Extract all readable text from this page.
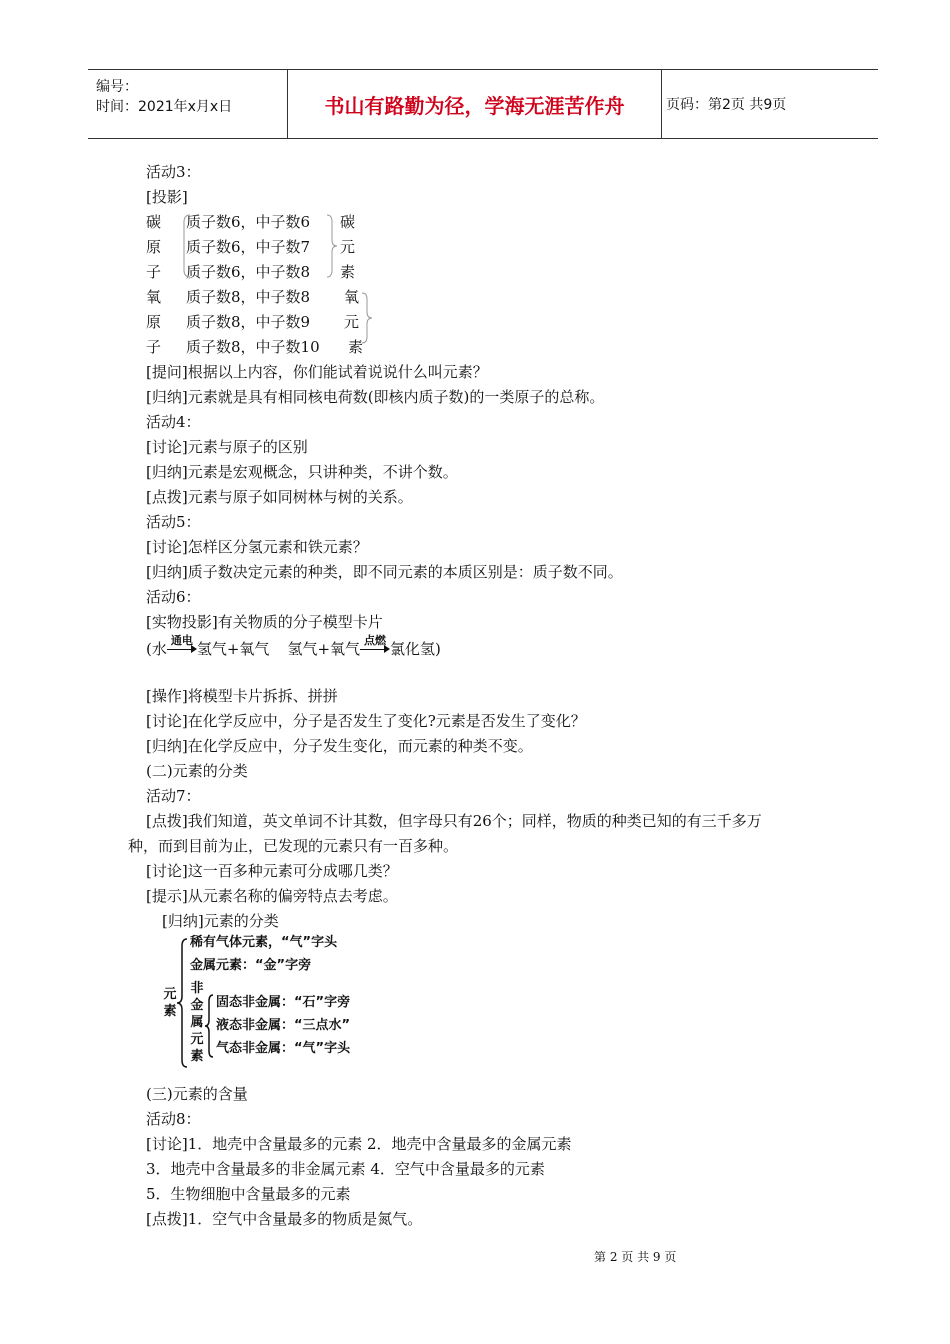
编号：
时间：2021年x月x日	书山有路勤为径，学海无涯苦作舟	页码：第2页 共9页
活动3：
[投影]
碳
原
子
质子数6，中子数6
质子数6，中子数7
质子数6，中子数8
碳
元
素
氧
原
子
质子数8，中子数8
质子数8，中子数9
质子数8，中子数10
氧
元
素
[提问]根据以上内容，你们能试着说说什么叫元素？
[归纳]元素就是具有相同核电荷数(即核内质子数)的一类原子的总称。
活动4：
[讨论]元素与原子的区别
[归纳]元素是宏观概念，只讲种类，不讲个数。
[点拨]元素与原子如同树林与树的关系。
活动5：
[讨论]怎样区分氢元素和铁元素？
[归纳]质子数决定元素的种类，即不同元素的本质区别是：质子数不同。
活动6：
[实物投影]有关物质的分子模型卡片
(水 通电 氢气+氧气 氢气+氧气 点燃 氯化氢)
[操作]将模型卡片拆拆、拼拼
[讨论]在化学反应中，分子是否发生了变化?元素是否发生了变化？
[归纳]在化学反应中，分子发生变化，而元素的种类不变。
(二)元素的分类
活动7：
[点拨]我们知道，英文单词不计其数，但字母只有26个；同样，物质的种类已知的有三千多万
种，而到目前为止，已发现的元素只有一百多种。
[讨论]这一百多种元素可分成哪几类？
[提示]从元素名称的偏旁特点去考虑。
[归纳]元素的分类
元素
稀有气体元素，“气”字头
金属元素：“金”字旁
非金属元素
固态非金属：“石”字旁
液态非金属：“三点水”
气态非金属：“气”字头
(三)元素的含量
活动8：
[讨论]1．地壳中含量最多的元素 2．地壳中含量最多的金属元素
3．地壳中含量最多的非金属元素 4．空气中含量最多的元素
5．生物细胞中含量最多的元素
[点拨]1．空气中含量最多的物质是氮气。
第 2 页 共 9 页
